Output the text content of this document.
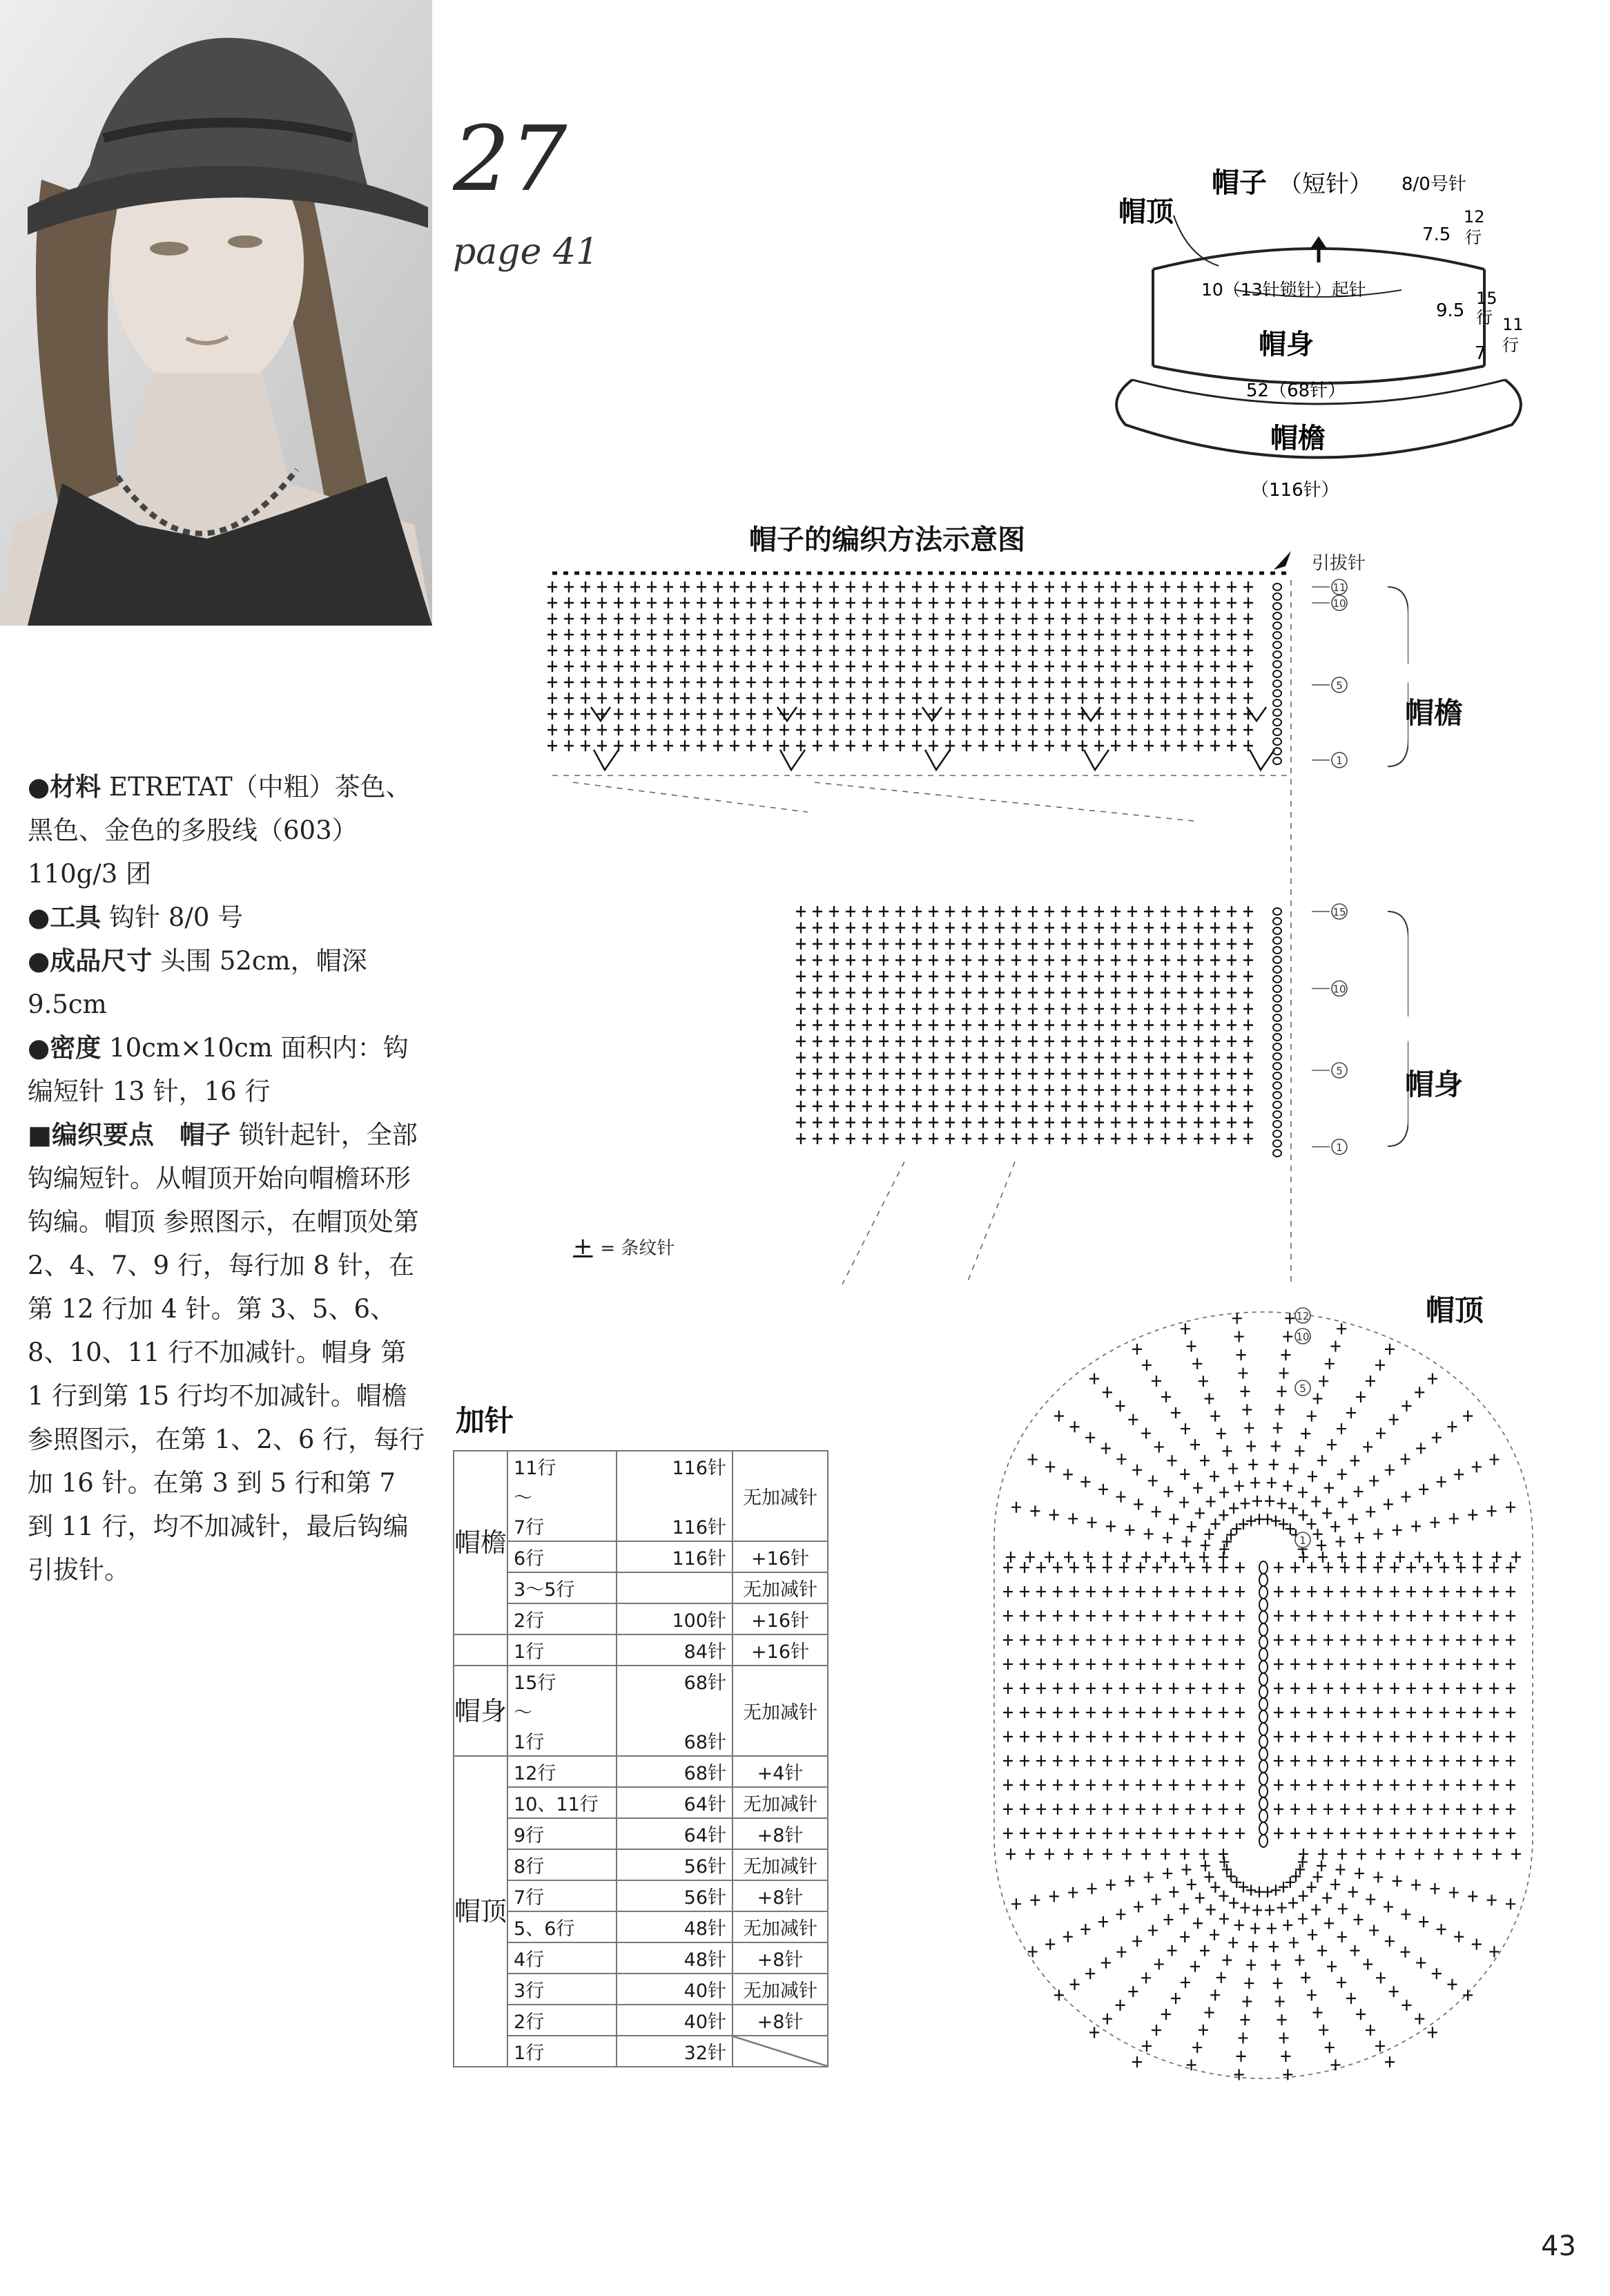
27
page 41

●材料 ETRETAT（中粗）茶色、黑色、金色的多股线（603）110g/3 团

●工具 钩针 8/0 号

●成品尺寸 头围 52cm，帽深 9.5cm

●密度 10cm×10cm 面积内：钩编短针 13 针，16 行

■编织要点　帽子 锁针起针，全部钩编短针。从帽顶开始向帽檐环形钩编。帽顶 参照图示，在帽顶处第 2、4、7、9 行，每行加 8 针，在第 12 行加 4 针。第 3、5、6、8、10、11 行不加减针。帽身 第 1 行到第 15 行均不加减针。帽檐 参照图示，在第 1、2、6 行，每行加 16 针。在第 3 到 5 行和第 7 到 11 行，均不加减针，最后钩编引拔针。

帽子 （短针） 8/0号针
帽顶
10（13针锁针）起针
帽身
52（68针）
帽檐
（116针）
7.5
12
行
9.5
15
行
7
11
行
帽子的编织方法示意图
引拔针
11
10
5
1
15
10
5
1
12
10
5
1
帽檐
帽身
帽顶
+ = 条纹针
加针
帽檐	11行	116针	无加减针
	～		
	7行	116针	
	6行	116针	+16针
	3～5行		无加减针
	2行	100针	+16针
	1行	84针	+16针
帽身	15行	68针	无加减针
	～		
	1行	68针	
帽顶	12行	68针	+4针
	10、11行	64针	无加减针
	9行	64针	+8针
	8行	56针	无加减针
	7行	56针	+8针
	5、6行	48针	无加减针
	4行	48针	+8针
	3行	40针	无加减针
	2行	40针	+8针
	1行	32针	
43
